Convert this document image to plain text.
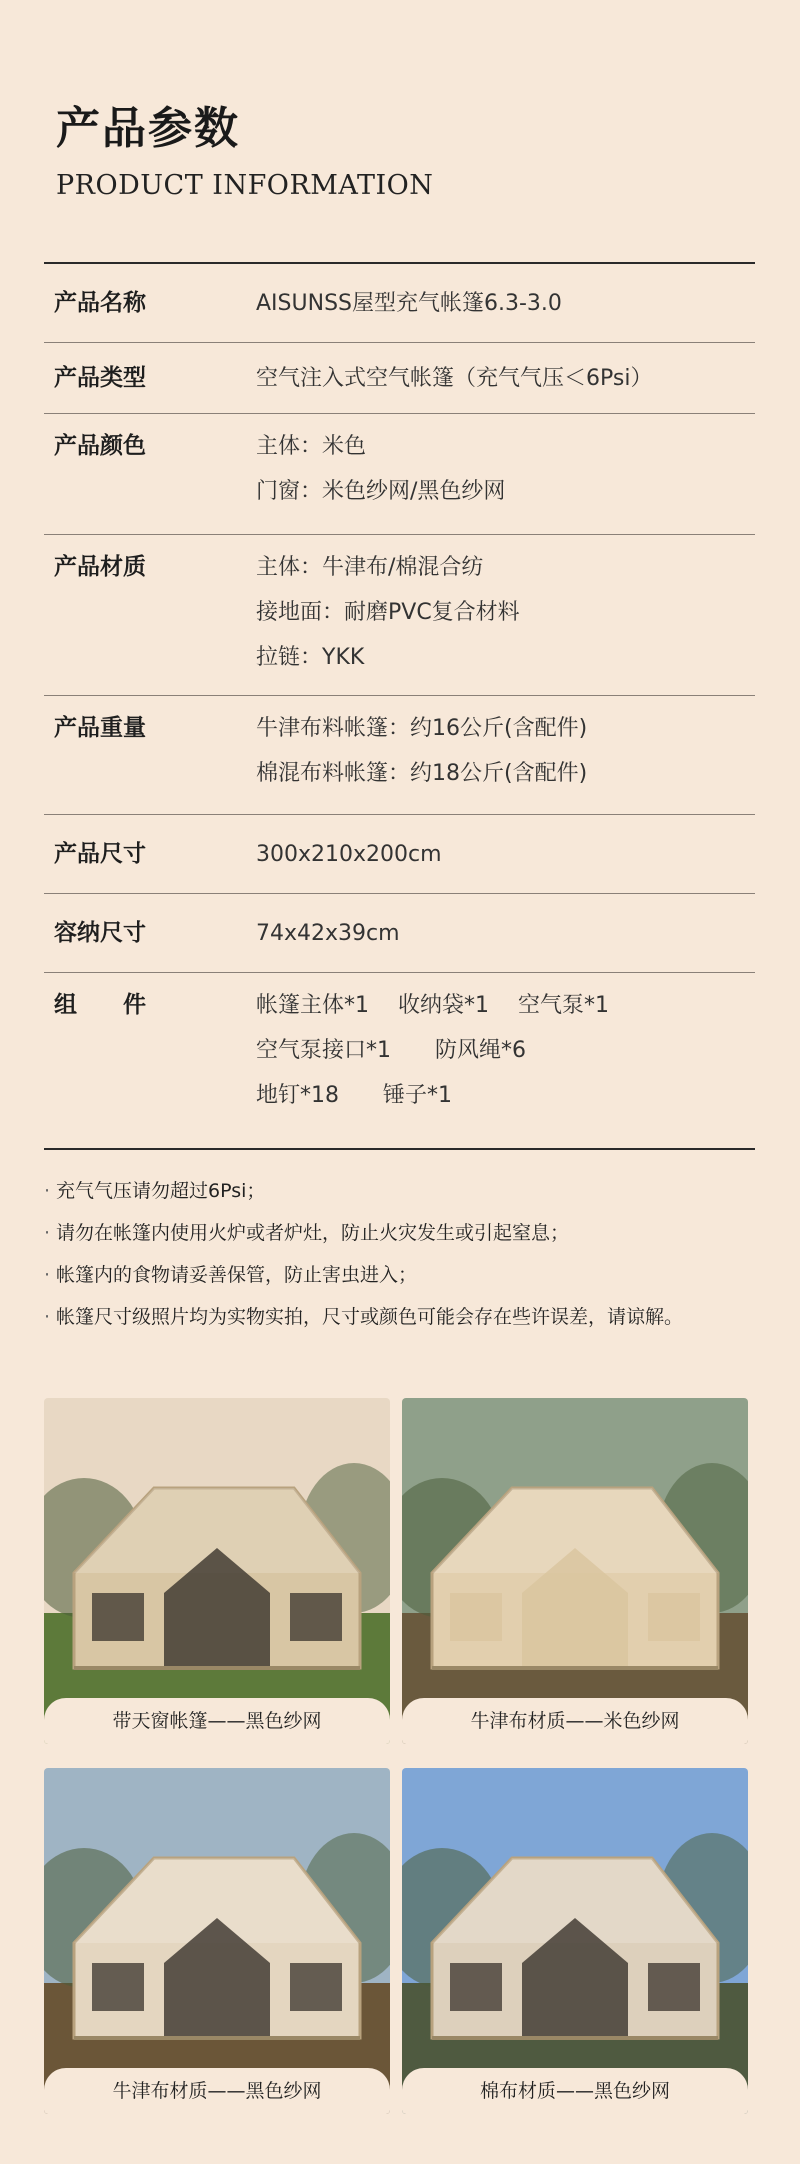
产品参数
PRODUCT INFORMATION
产品名称	AISUNSS屋型充气帐篷6.3-3.0
产品类型	空气注入式空气帐篷（充气气压＜6Psi）
产品颜色	主体：米色
门窗：米色纱网/黑色纱网
产品材质	主体：牛津布/棉混合纺
接地面：耐磨PVC复合材料
拉链：YKK
产品重量	牛津布料帐篷：约16公斤(含配件)
棉混布料帐篷：约18公斤(含配件)
产品尺寸	300x210x200cm
容纳尺寸	74x42x39cm
组　　件	帐篷主体*1　 收纳袋*1　 空气泵*1
空气泵接口*1　　防风绳*6
地钉*18　　锤子*1
· 充气气压请勿超过6Psi；
· 请勿在帐篷内使用火炉或者炉灶，防止火灾发生或引起窒息；
· 帐篷内的食物请妥善保管，防止害虫进入；
· 帐篷尺寸级照片均为实物实拍，尺寸或颜色可能会存在些许误差，请谅解。
带天窗帐篷——黑色纱网	牛津布材质——米色纱网
牛津布材质——黑色纱网	棉布材质——黑色纱网
